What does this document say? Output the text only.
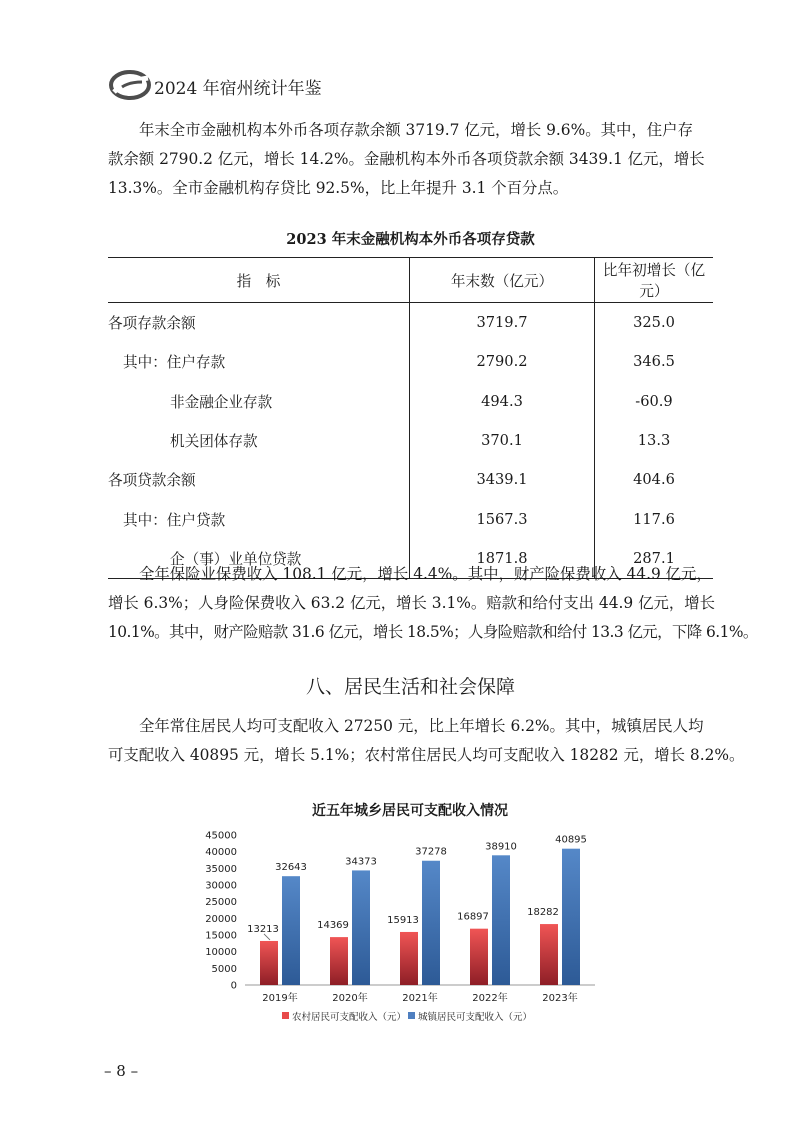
2024 年宿州统计年鉴

年末全市金融机构本外币各项存款余额 3719.7 亿元，增长 9.6%。其中，住户存
款余额 2790.2 亿元，增长 14.2%。金融机构本外币各项贷款余额 3439.1 亿元，增长
13.3%。全市金融机构存贷比 92.5%，比上年提升 3.1 个百分点。

2023 年末金融机构本外币各项存贷款
指　标	年末数（亿元）	比年初增长（亿元）
各项存款余额	3719.7	325.0
其中：住户存款	2790.2	346.5
非金融企业存款	494.3	-60.9
机关团体存款	370.1	13.3
各项贷款余额	3439.1	404.6
其中：住户贷款	1567.3	117.6
企（事）业单位贷款	1871.8	287.1

全年保险业保费收入 108.1 亿元，增长 4.4%。其中，财产险保费收入 44.9 亿元，
增长 6.3%；人身险保费收入 63.2 亿元，增长 3.1%。赔款和给付支出 44.9 亿元，增长
10.1%。其中，财产险赔款 31.6 亿元，增长 18.5%；人身险赔款和给付 13.3 亿元，下降 6.1%。

八、居民生活和社会保障

全年常住居民人均可支配收入 27250 元，比上年增长 6.2%。其中，城镇居民人均
可支配收入 40895 元，增长 5.1%；农村常住居民人均可支配收入 18282 元，增长 8.2%。

近五年城乡居民可支配收入情况
0
5000
10000
15000
20000
25000
30000
35000
40000
45000
13213
32643
2019年
14369
34373
2020年
15913
37278
2021年
16897
38910
2022年
18282
40895
2023年
农村居民可支配收入（元） 城镇居民可支配收入（元）
– 8 –
